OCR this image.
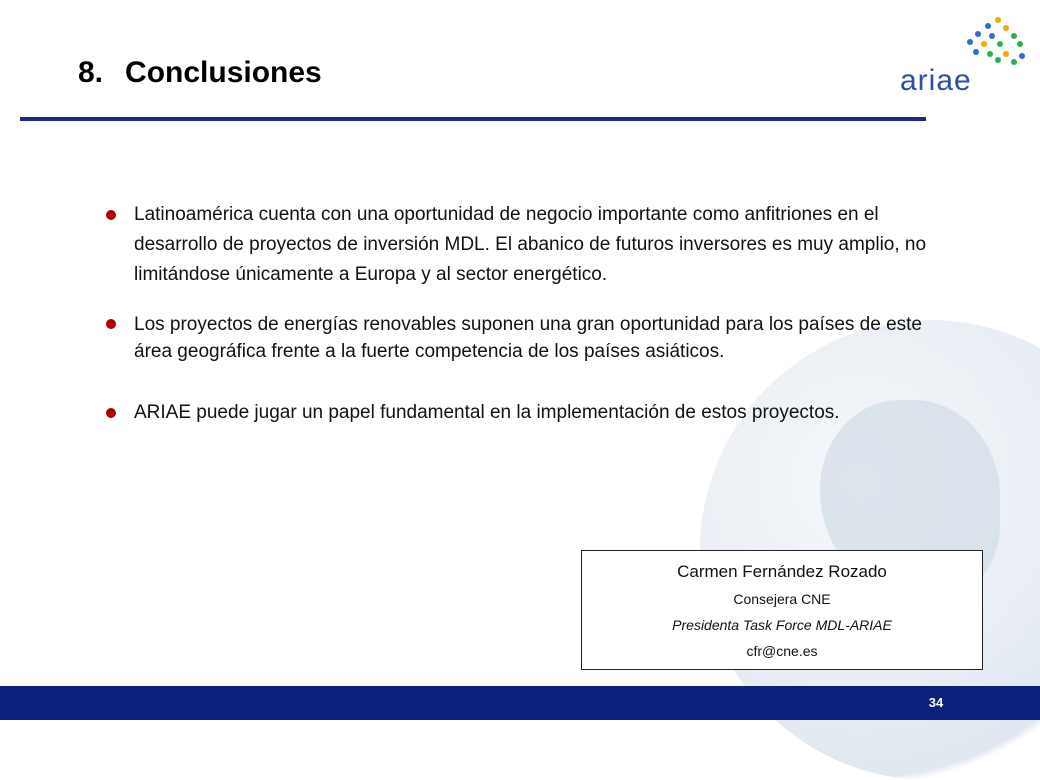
8. Conclusiones	ariae
Latinoamérica cuenta con una oportunidad de negocio importante como anfitriones en el desarrollo de proyectos de inversión MDL. El abanico de futuros inversores es muy amplio, no limitándose únicamente a Europa y al sector energético.
Los proyectos de energías renovables suponen una gran oportunidad para los países de este área geográfica frente a la fuerte competencia de los países asiáticos.
ARIAE puede jugar un papel fundamental en la implementación de estos proyectos.
Carmen Fernández Rozado
Consejera CNE
Presidenta Task Force MDL-ARIAE
cfr@cne.es
34
